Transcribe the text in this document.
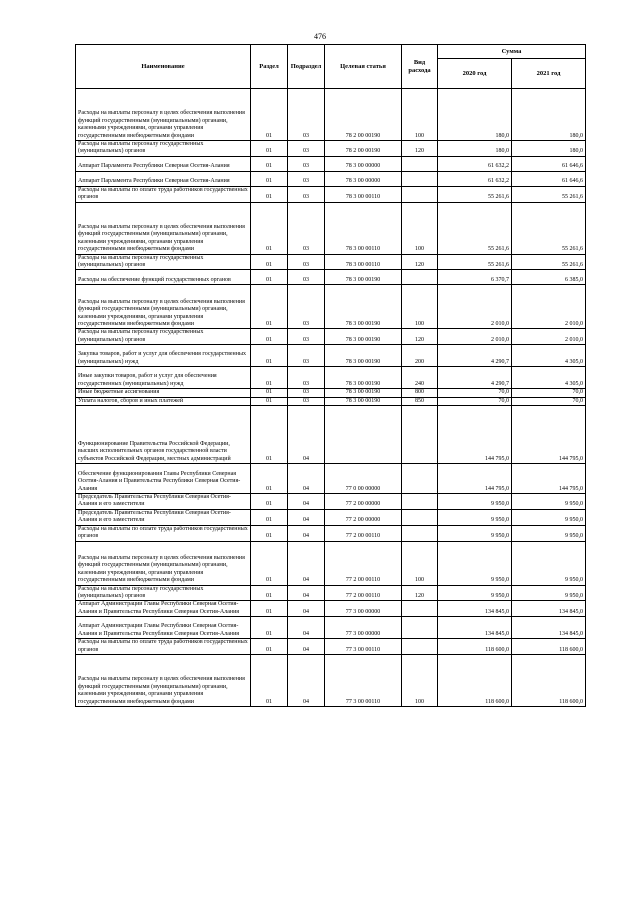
476
Наименование	Раздел	Подраздел	Целевая статья	Вид расхода	Сумма	
					2020 год	2021 год
Расходы на выплаты персоналу в целях обеспечения выполнения функций государственными (муниципальными) органами, казенными учреждениями, органами управления государственными внебюджетными фондами	01	03	78 2 00 00190	100	180,0	180,0
Расходы на выплаты персоналу государственных (муниципальных) органов	01	03	78 2 00 00190	120	180,0	180,0
Аппарат Парламента Республики Северная Осетия-Алания	01	03	78 3 00 00000		61 632,2	61 646,6
Аппарат Парламента Республики Северная Осетия-Алания	01	03	78 3 00 00000		61 632,2	61 646,6
Расходы на выплаты по оплате труда работников государственных органов	01	03	78 3 00 00110		55 261,6	55 261,6
Расходы на выплаты персоналу в целях обеспечения выполнения функций государственными (муниципальными) органами, казенными учреждениями, органами управления государственными внебюджетными фондами	01	03	78 3 00 00110	100	55 261,6	55 261,6
Расходы на выплаты персоналу государственных (муниципальных) органов	01	03	78 3 00 00110	120	55 261,6	55 261,6
Расходы на обеспечение функций государственных органов	01	03	78 3 00 00190		6 370,7	6 385,0
Расходы на выплаты персоналу в целях обеспечения выполнения функций государственными (муниципальными) органами, казенными учреждениями, органами управления государственными внебюджетными фондами	01	03	78 3 00 00190	100	2 010,0	2 010,0
Расходы на выплаты персоналу государственных (муниципальных) органов	01	03	78 3 00 00190	120	2 010,0	2 010,0
Закупка товаров, работ и услуг для обеспечения государственных (муниципальных) нужд	01	03	78 3 00 00190	200	4 290,7	4 305,0
Иные закупки товаров, работ и услуг для обеспечения государственных (муниципальных) нужд	01	03	78 3 00 00190	240	4 290,7	4 305,0
Иные бюджетные ассигнования	01	03	78 3 00 00190	800	70,0	70,0
Уплата налогов, сборов и иных платежей	01	03	78 3 00 00190	850	70,0	70,0
Функционирование Правительства Российской Федерации, высших исполнительных органов государственной власти субъектов Российской Федерации, местных администраций	01	04			144 795,0	144 795,0
Обеспечение функционирования Главы Республики Северная Осетия-Алания и Правительства Республики Северная Осетия-Алания	01	04	77 0 00 00000		144 795,0	144 795,0
Председатель Правительства Республики Северная Осетия-Алания и его заместители	01	04	77 2 00 00000		9 950,0	9 950,0
Председатель Правительства Республики Северная Осетия-Алания и его заместители	01	04	77 2 00 00000		9 950,0	9 950,0
Расходы на выплаты по оплате труда работников государственных органов	01	04	77 2 00 00110		9 950,0	9 950,0
Расходы на выплаты персоналу в целях обеспечения выполнения функций государственными (муниципальными) органами, казенными учреждениями, органами управления государственными внебюджетными фондами	01	04	77 2 00 00110	100	9 950,0	9 950,0
Расходы на выплаты персоналу государственных (муниципальных) органов	01	04	77 2 00 00110	120	9 950,0	9 950,0
Аппарат Администрации Главы Республики Северная Осетия-Алания и Правительства Республики Северная Осетия-Алания	01	04	77 3 00 00000		134 845,0	134 845,0
Аппарат Администрации Главы Республики Северная Осетия-Алания и Правительства Республики Северная Осетия-Алания	01	04	77 3 00 00000		134 845,0	134 845,0
Расходы на выплаты по оплате труда работников государственных органов	01	04	77 3 00 00110		118 600,0	118 600,0
Расходы на выплаты персоналу в целях обеспечения выполнения функций государственными (муниципальными) органами, казенными учреждениями, органами управления государственными внебюджетными фондами	01	04	77 3 00 00110	100	118 600,0	118 600,0
